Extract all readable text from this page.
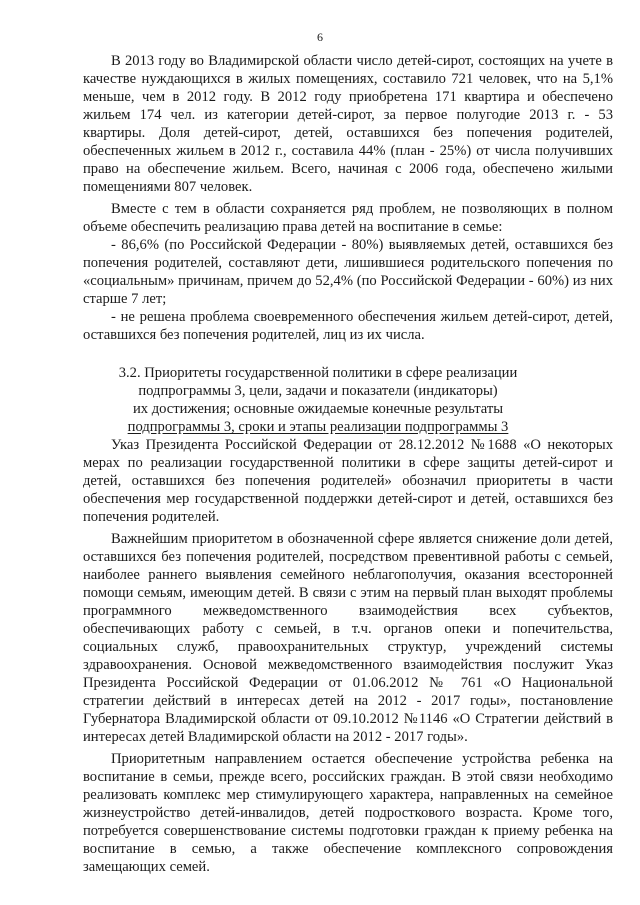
6

В 2013 году во Владимирской области число детей-сирот, состоящих на учете в качестве нуждающихся в жилых помещениях, составило 721 человек, что на 5,1% меньше, чем в 2012 году. В 2012 году приобретена 171 квартира и обеспечено жильем 174 чел. из категории детей-сирот, за первое полугодие 2013 г. - 53 квартиры. Доля детей-сирот, детей, оставшихся без попечения родителей, обеспеченных жильем в 2012 г., составила 44% (план - 25%) от числа получивших право на обеспечение жильем. Всего, начиная с 2006 года, обеспечено жилыми помещениями 807 человек.

Вместе с тем в области сохраняется ряд проблем, не позволяющих в полном объеме обеспечить реализацию права детей на воспитание в семье:

- 86,6% (по Российской Федерации - 80%) выявляемых детей, оставшихся без попечения родителей, составляют дети, лишившиеся родительского попечения по «социальным» причинам, причем до 52,4% (по Российской Федерации - 60%) из них старше 7 лет;

- не решена проблема своевременного обеспечения жильем детей-сирот, детей, оставшихся без попечения родителей, лиц из их числа.

3.2. Приоритеты государственной политики в сфере реализации

подпрограммы 3, цели, задачи и показатели (индикаторы)

их достижения; основные ожидаемые конечные результаты

подпрограммы 3, сроки и этапы реализации подпрограммы 3

Указ Президента Российской Федерации от 28.12.2012 №1688 «О некоторых мерах по реализации государственной политики в сфере защиты детей-сирот и детей, оставшихся без попечения родителей» обозначил приоритеты в части обеспечения мер государственной поддержки детей-сирот и детей, оставшихся без попечения родителей.

Важнейшим приоритетом в обозначенной сфере является снижение доли детей, оставшихся без попечения родителей, посредством превентивной работы с семьей, наиболее раннего выявления семейного неблагополучия, оказания всесторонней помощи семьям, имеющим детей. В связи с этим на первый план выходят проблемы программного межведомственного взаимодействия всех субъектов, обеспечивающих работу с семьей, в т.ч. органов опеки и попечительства, социальных служб, правоохранительных структур, учреждений системы здравоохранения. Основой межведомственного взаимодействия послужит Указ Президента Российской Федерации от 01.06.2012 № 761 «О Национальной стратегии действий в интересах детей на 2012 - 2017 годы», постановление Губернатора Владимирской области от 09.10.2012 №1146 «О Стратегии действий в интересах детей Владимирской области на 2012 - 2017 годы».

Приоритетным направлением остается обеспечение устройства ребенка на воспитание в семьи, прежде всего, российских граждан. В этой связи необходимо реализовать комплекс мер стимулирующего характера, направленных на семейное жизнеустройство детей-инвалидов, детей подросткового возраста. Кроме того, потребуется совершенствование системы подготовки граждан к приему ребенка на воспитание в семью, а также обеспечение комплексного сопровождения замещающих семей.
